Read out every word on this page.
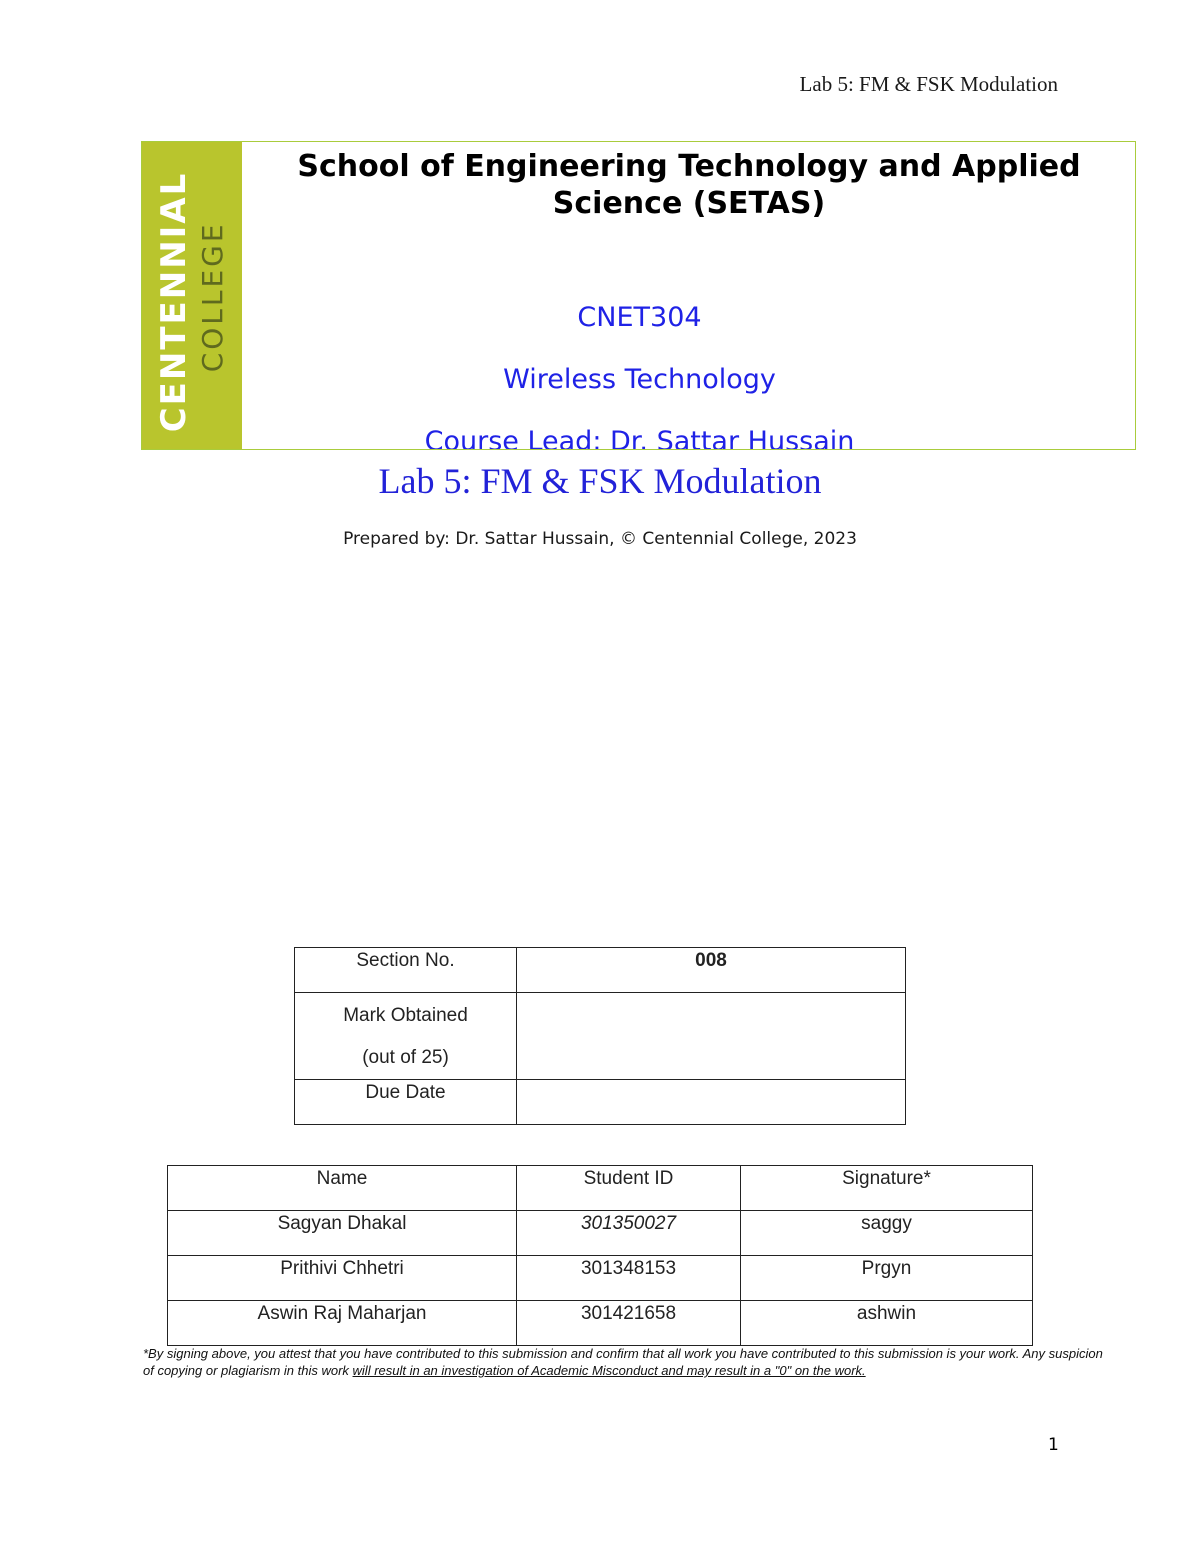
Lab 5: FM & FSK Modulation
CENTENNIAL COLLEGE
School of Engineering Technology and Applied
Science (SETAS)
CNET304
Wireless Technology
Course Lead: Dr. Sattar Hussain
Lab 5: FM & FSK Modulation
Prepared by: Dr. Sattar Hussain, © Centennial College, 2023
Section No.	008

Mark Obtained
(out of 25)	

Due Date	
Name	Student ID	Signature*
Sagyan Dhakal	301350027	saggy
Prithivi Chhetri	301348153	Prgyn
Aswin Raj Maharjan	301421658	ashwin
*By signing above, you attest that you have contributed to this submission and confirm that all work you have contributed to this submission is your work. Any suspicion of copying or plagiarism in this work will result in an investigation of Academic Misconduct and may result in a "0" on the work.
1
